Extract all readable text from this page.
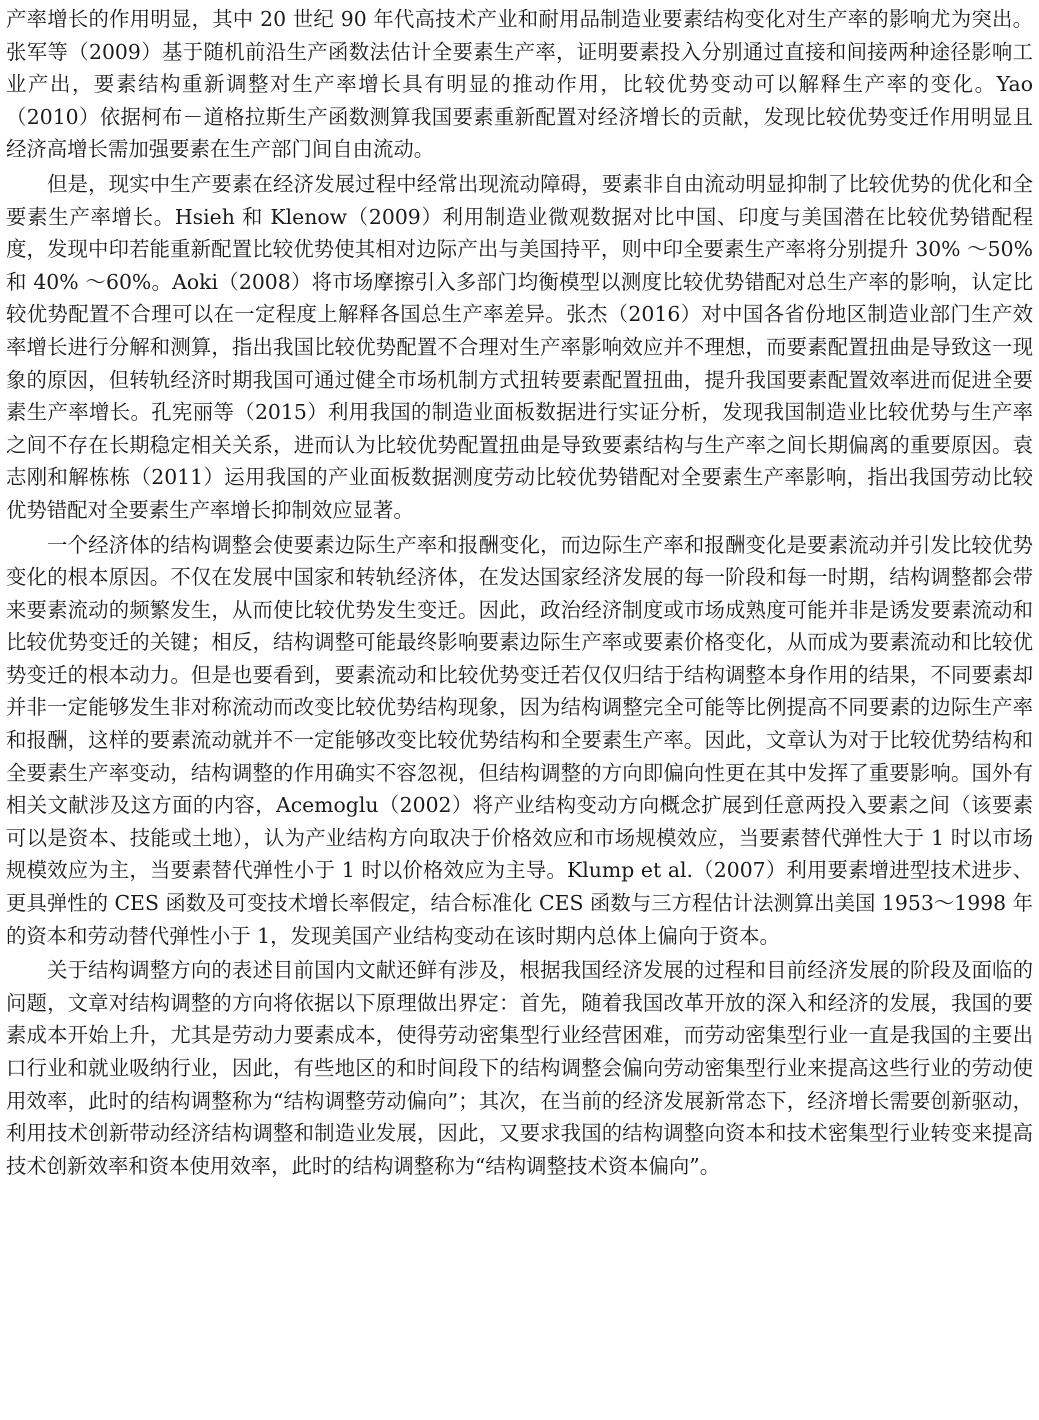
产率增长的作用明显，其中 20 世纪 90 年代高技术产业和耐用品制造业要素结构变化对生产率的影响尤为突出。张军等（2009）基于随机前沿生产函数法估计全要素生产率，证明要素投入分别通过直接和间接两种途径影响工业产出，要素结构重新调整对生产率增长具有明显的推动作用，比较优势变动可以解释生产率的变化。Yao（2010）依据柯布－道格拉斯生产函数测算我国要素重新配置对经济增长的贡献，发现比较优势变迁作用明显且经济高增长需加强要素在生产部门间自由流动。

但是，现实中生产要素在经济发展过程中经常出现流动障碍，要素非自由流动明显抑制了比较优势的优化和全要素生产率增长。Hsieh 和 Klenow（2009）利用制造业微观数据对比中国、印度与美国潜在比较优势错配程度，发现中印若能重新配置比较优势使其相对边际产出与美国持平，则中印全要素生产率将分别提升 30% ～50% 和 40% ～60%。Aoki（2008）将市场摩擦引入多部门均衡模型以测度比较优势错配对总生产率的影响，认定比较优势配置不合理可以在一定程度上解释各国总生产率差异。张杰（2016）对中国各省份地区制造业部门生产效率增长进行分解和测算，指出我国比较优势配置不合理对生产率影响效应并不理想，而要素配置扭曲是导致这一现象的原因，但转轨经济时期我国可通过健全市场机制方式扭转要素配置扭曲，提升我国要素配置效率进而促进全要素生产率增长。孔宪丽等（2015）利用我国的制造业面板数据进行实证分析，发现我国制造业比较优势与生产率之间不存在长期稳定相关关系，进而认为比较优势配置扭曲是导致要素结构与生产率之间长期偏离的重要原因。袁志刚和解栋栋（2011）运用我国的产业面板数据测度劳动比较优势错配对全要素生产率影响，指出我国劳动比较优势错配对全要素生产率增长抑制效应显著。

一个经济体的结构调整会使要素边际生产率和报酬变化，而边际生产率和报酬变化是要素流动并引发比较优势变化的根本原因。不仅在发展中国家和转轨经济体，在发达国家经济发展的每一阶段和每一时期，结构调整都会带来要素流动的频繁发生，从而使比较优势发生变迁。因此，政治经济制度或市场成熟度可能并非是诱发要素流动和比较优势变迁的关键；相反，结构调整可能最终影响要素边际生产率或要素价格变化，从而成为要素流动和比较优势变迁的根本动力。但是也要看到，要素流动和比较优势变迁若仅仅归结于结构调整本身作用的结果，不同要素却并非一定能够发生非对称流动而改变比较优势结构现象，因为结构调整完全可能等比例提高不同要素的边际生产率和报酬，这样的要素流动就并不一定能够改变比较优势结构和全要素生产率。因此，文章认为对于比较优势结构和全要素生产率变动，结构调整的作用确实不容忽视，但结构调整的方向即偏向性更在其中发挥了重要影响。国外有相关文献涉及这方面的内容，Acemoglu（2002）将产业结构变动方向概念扩展到任意两投入要素之间（该要素可以是资本、技能或土地），认为产业结构方向取决于价格效应和市场规模效应，当要素替代弹性大于 1 时以市场规模效应为主，当要素替代弹性小于 1 时以价格效应为主导。Klump et al.（2007）利用要素增进型技术进步、更具弹性的 CES 函数及可变技术增长率假定，结合标准化 CES 函数与三方程估计法测算出美国 1953～1998 年的资本和劳动替代弹性小于 1，发现美国产业结构变动在该时期内总体上偏向于资本。

关于结构调整方向的表述目前国内文献还鲜有涉及，根据我国经济发展的过程和目前经济发展的阶段及面临的问题，文章对结构调整的方向将依据以下原理做出界定：首先，随着我国改革开放的深入和经济的发展，我国的要素成本开始上升，尤其是劳动力要素成本，使得劳动密集型行业经营困难，而劳动密集型行业一直是我国的主要出口行业和就业吸纳行业，因此，有些地区的和时间段下的结构调整会偏向劳动密集型行业来提高这些行业的劳动使用效率，此时的结构调整称为“结构调整劳动偏向”；其次，在当前的经济发展新常态下，经济增长需要创新驱动，利用技术创新带动经济结构调整和制造业发展，因此，又要求我国的结构调整向资本和技术密集型行业转变来提高技术创新效率和资本使用效率，此时的结构调整称为“结构调整技术资本偏向”。
